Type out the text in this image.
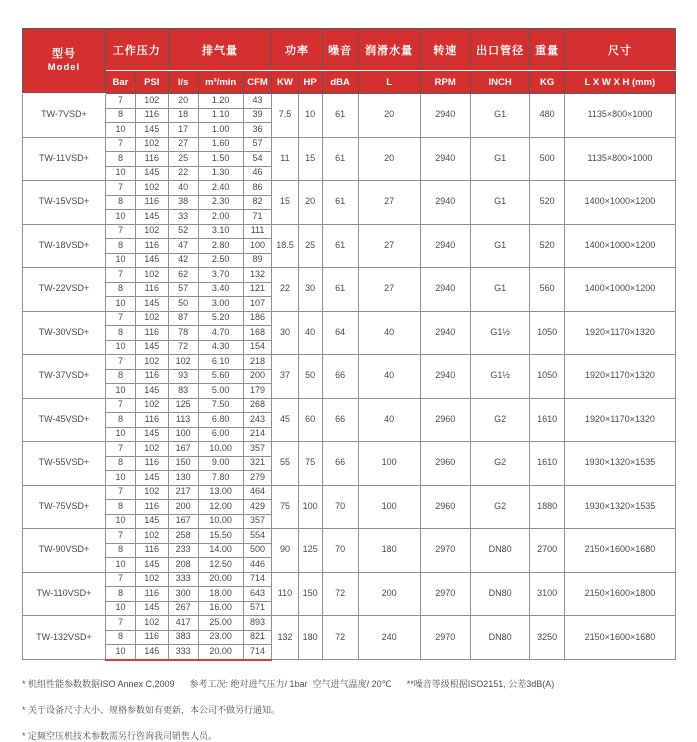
型号
Model	工作压力		排气量			功率		噪音	润滑水量	转速	出口管径	重量	尺寸
	Bar	PSI	l/s	m³/min	CFM	KW	HP	dBA	L	RPM	INCH	KG	L X W X H (mm)
TW-7VSD+	7	102	20	1.20	43	7.5	10	61	20	2940	G1	480	1135×800×1000
	8	116	18	1.10	39								
	10	145	17	1.00	36								
TW-11VSD+	7	102	27	1.60	57	11	15	61	20	2940	G1	500	1135×800×1000
	8	116	25	1.50	54								
	10	145	22	1.30	46								
TW-15VSD+	7	102	40	2.40	86	15	20	61	27	2940	G1	520	1400×1000×1200
	8	116	38	2.30	82								
	10	145	33	2.00	71								
TW-18VSD+	7	102	52	3.10	111	18.5	25	61	27	2940	G1	520	1400×1000×1200
	8	116	47	2.80	100								
	10	145	42	2.50	89								
TW-22VSD+	7	102	62	3.70	132	22	30	61	27	2940	G1	560	1400×1000×1200
	8	116	57	3.40	121								
	10	145	50	3.00	107								
TW-30VSD+	7	102	87	5.20	186	30	40	64	40	2940	G1½	1050	1920×1170×1320
	8	116	78	4.70	168								
	10	145	72	4.30	154								
TW-37VSD+	7	102	102	6.10	218	37	50	66	40	2940	G1½	1050	1920×1170×1320
	8	116	93	5.60	200								
	10	145	83	5.00	179								
TW-45VSD+	7	102	125	7.50	268	45	60	66	40	2960	G2	1610	1920×1170×1320
	8	116	113	6.80	243								
	10	145	100	6.00	214								
TW-55VSD+	7	102	167	10.00	357	55	75	66	100	2960	G2	1610	1930×1320×1535
	8	116	150	9.00	321								
	10	145	130	7.80	279								
TW-75VSD+	7	102	217	13.00	464	75	100	70	100	2960	G2	1880	1930×1320×1535
	8	116	200	12.00	429								
	10	145	167	10.00	357								
TW-90VSD+	7	102	258	15.50	554	90	125	70	180	2970	DN80	2700	2150×1600×1680
	8	116	233	14.00	500								
	10	145	208	12.50	446								
TW-110VSD+	7	102	333	20.00	714	110	150	72	200	2970	DN80	3100	2150×1600×1800
	8	116	300	18.00	643								
	10	145	267	16.00	571								
TW-132VSD+	7	102	417	25.00	893	132	180	72	240	2970	DN80	3250	2150×1600×1680
	8	116	383	23.00	821								
	10	145	333	20.00	714								
* 机组性能参数数据ISO Annex C,2009      参考工况: 绝对进气压力/ 1bar  空气进气温度/ 20℃      **噪音等级根据ISO2151, 公差3dB(A)
* 关于设备尺寸大小、规格参数如有更新，本公司不做另行通知。
* 定频空压机技术参数需另行咨询我司销售人员。
